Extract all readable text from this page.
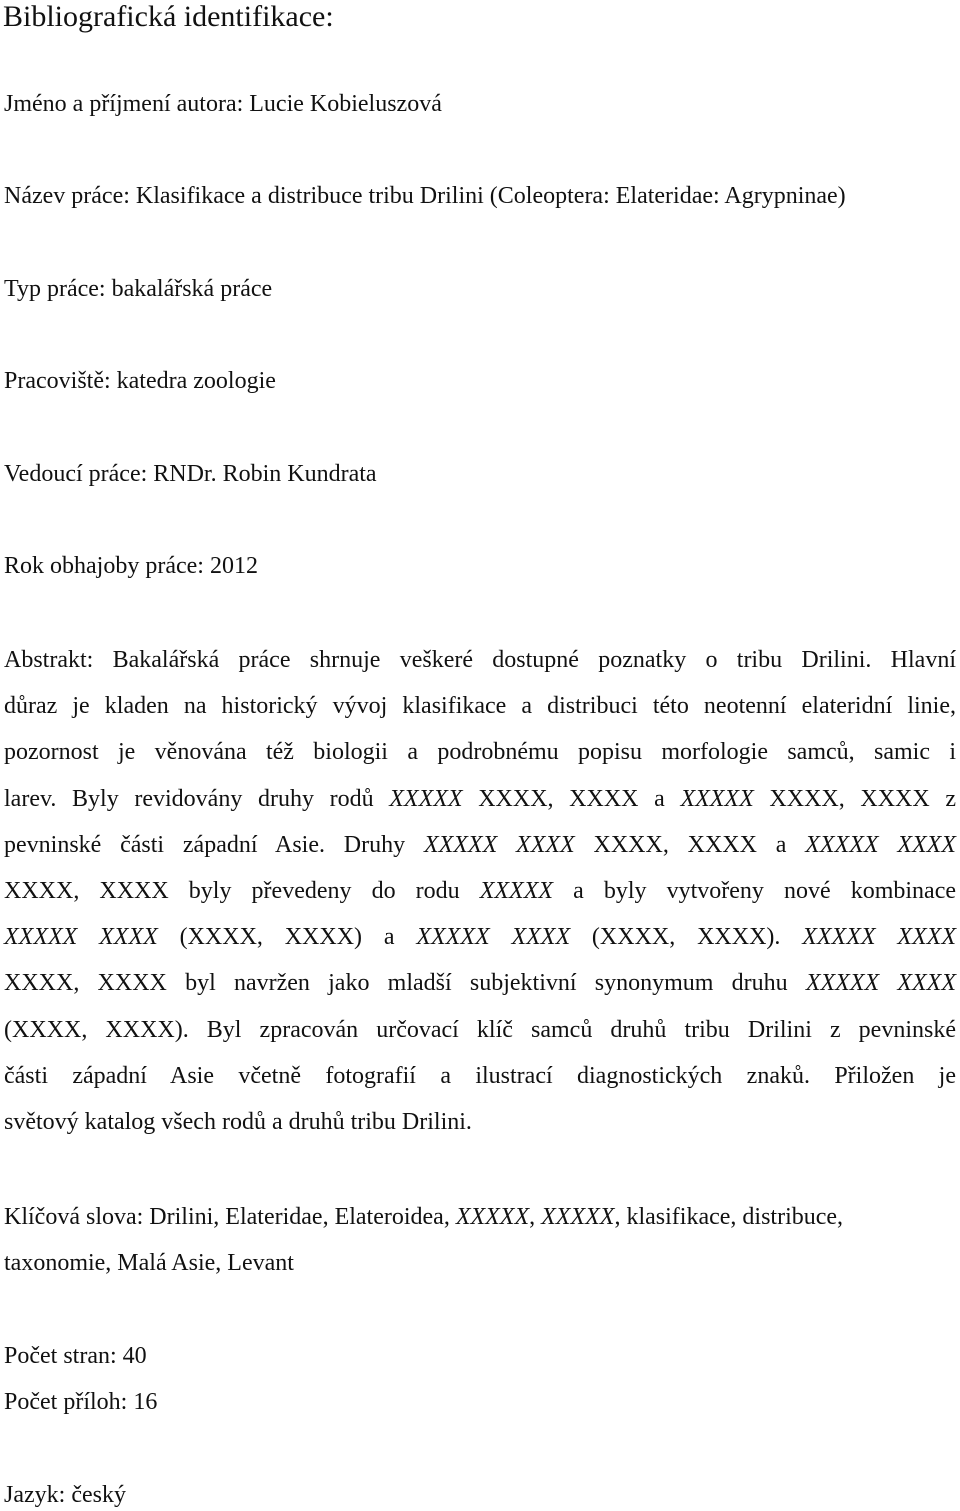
Bibliografická identifikace:
Jméno a příjmení autora: Lucie Kobieluszová
Název práce: Klasifikace a distribuce tribu Drilini (Coleoptera: Elateridae: Agrypninae)
Typ práce: bakalářská práce
Pracoviště: katedra zoologie
Vedoucí práce: RNDr. Robin Kundrata
Rok obhajoby práce: 2012
Abstrakt: Bakalářská práce shrnuje veškeré dostupné poznatky o tribu Drilini. Hlavní
důraz je kladen na historický vývoj klasifikace a distribuci této neotenní elateridní linie,
pozornost je věnována též biologii a podrobnému popisu morfologie samců, samic i
larev. Byly revidovány druhy rodů XXXXX XXXX, XXXX a XXXXX XXXX, XXXX z
pevninské části západní Asie. Druhy XXXXX XXXX XXXX, XXXX a XXXXX XXXX
XXXX, XXXX byly převedeny do rodu XXXXX a byly vytvořeny nové kombinace
XXXXX XXXX (XXXX, XXXX) a XXXXX XXXX (XXXX, XXXX). XXXXX XXXX
XXXX, XXXX byl navržen jako mladší subjektivní synonymum druhu XXXXX XXXX
(XXXX, XXXX). Byl zpracován určovací klíč samců druhů tribu Drilini z pevninské
části západní Asie včetně fotografií a ilustrací diagnostických znaků. Přiložen je
světový katalog všech rodů a druhů tribu Drilini.
Klíčová slova: Drilini, Elateridae, Elateroidea, XXXXX, XXXXX, klasifikace, distribuce,
taxonomie, Malá Asie, Levant
Počet stran: 40
Počet příloh: 16
Jazyk: český
